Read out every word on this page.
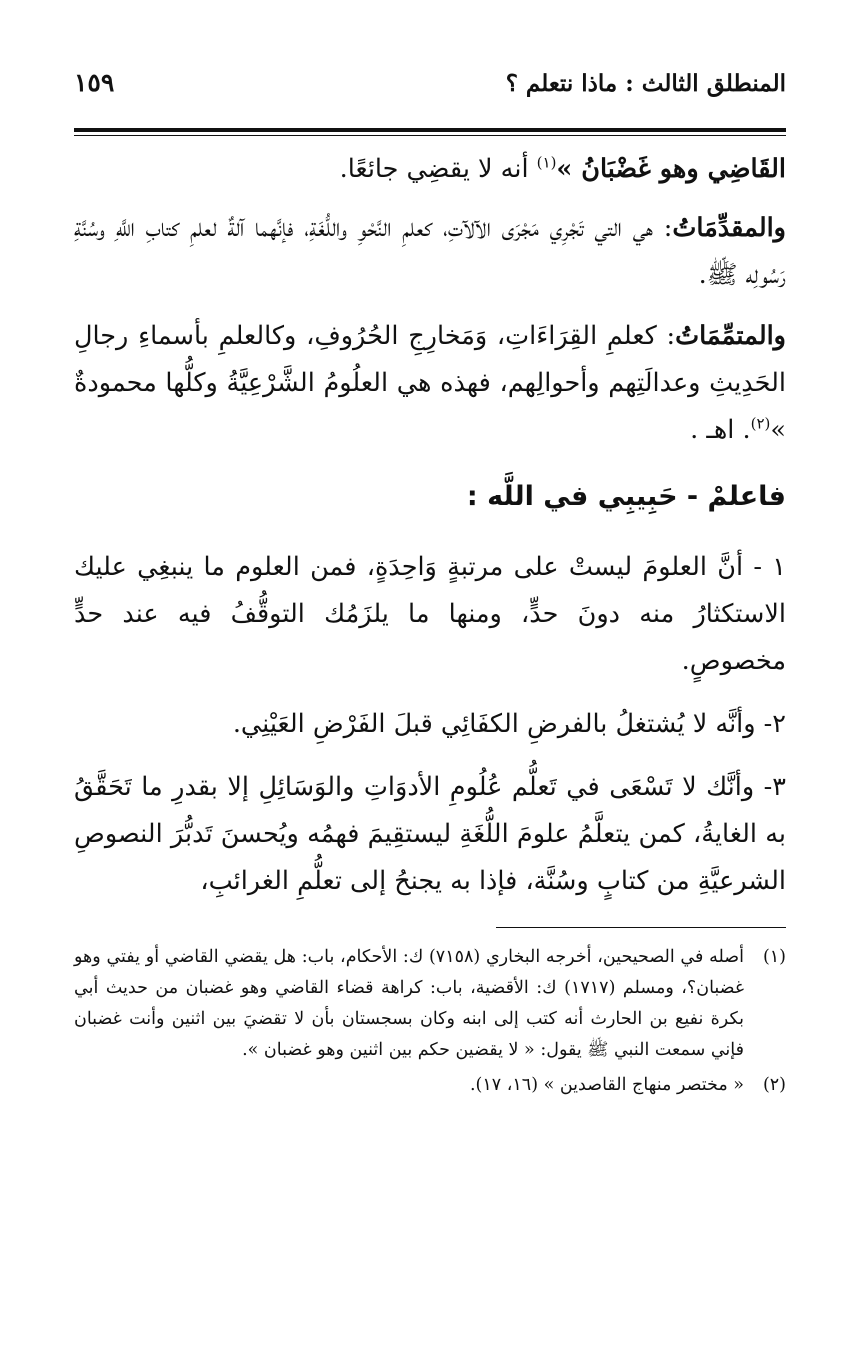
المنطلق الثالث : ماذا نتعلم ؟
١٥٩

القَاضِي وهو غَضْبَانُ »$^{(١)}$ أنه لا يقضِي جائعًا.

والمقدِّمَاتُ: هي التي تَجْرِي مَجْرَى الآلآتِ، كعلمِ النَّحْوِ واللُّغَةِ، فإنَّهما آلةٌ لعلمِ كتابِ اللَّهِ وسُنَّةِ رَسُولِه ﷺ.

والمتمِّمَاتُ: كعلمِ القِرَاءَاتِ، وَمَخارِجِ الحُرُوفِ، وكالعلمِ بأسماءِ رجالِ الحَدِيثِ وعدالَتِهم وأحوالِهم، فهذه هي العلُومُ الشَّرْعِيَّةُ وكلُّها محمودةٌ »$^{(٢)}$. اهـ .

فاعلمْ - حَبِيبِي في اللَّه :

١ - أنَّ العلومَ ليستْ على مرتبةٍ وَاحِدَةٍ، فمن العلوم ما ينبغِي عليك الاستكثارُ منه دونَ حدٍّ، ومنها ما يلزَمُك التوقُّفُ فيه عند حدٍّ مخصوصٍ.

٢- وأنَّه لا يُشتغلُ بالفرضِ الكفَائِي قبلَ الفَرْضِ العَيْنِي.

٣- وأنَّك لا تَسْعَى في تَعلُّم عُلُومِ الأدوَاتِ والوَسَائِلِ إلا بقدرِ ما تَحَقَّقُ به الغايةُ، كمن يتعلَّمُ علومَ اللُّغَةِ ليستقِيمَ فهمُه ويُحسنَ تَدبُّرَ النصوصِ الشرعيَّةِ من كتابٍ وسُنَّة، فإذا به يجنحُ إلى تعلُّمِ الغرائبِ،

(١)
أصله في الصحيحين، أخرجه البخاري (٧١٥٨) ك: الأحكام، باب: هل يقضي القاضي أو يفتي وهو غضبان؟، ومسلم (١٧١٧) ك: الأقضية، باب: كراهة قضاء القاضي وهو غضبان من حديث أبي بكرة نفيع بن الحارث أنه كتب إلى ابنه وكان بسجستان بأن لا تقضيَ بين اثنين وأنت غضبان فإني سمعت النبي ﷺ يقول: « لا يقضين حكم بين اثنين وهو غضبان ».
(٢)
« مختصر منهاج القاصدين » (١٦، ١٧).
